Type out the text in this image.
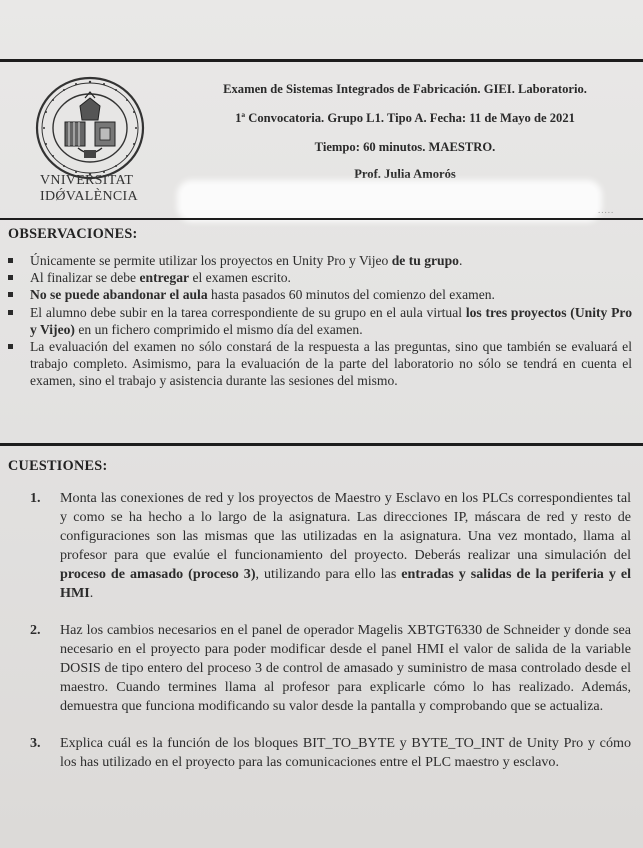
VNIVERSITAT
IDǾVALÈNCIA
Examen de Sistemas Integrados de Fabricación. GIEI. Laboratorio.
1ª Convocatoria. Grupo L1. Tipo A. Fecha: 11 de Mayo de 2021
Tiempo: 60 minutos. MAESTRO.
Prof. Julia Amorós
.....
OBSERVACIONES:
Únicamente se permite utilizar los proyectos en Unity Pro y Vijeo de tu grupo.
Al finalizar se debe entregar el examen escrito.
No se puede abandonar el aula hasta pasados 60 minutos del comienzo del examen.
El alumno debe subir en la tarea correspondiente de su grupo en el aula virtual los tres proyectos (Unity Pro y Vijeo) en un fichero comprimido el mismo día del examen.
La evaluación del examen no sólo constará de la respuesta a las preguntas, sino que también se evaluará el trabajo completo. Asimismo, para la evaluación de la parte del laboratorio no sólo se tendrá en cuenta el examen, sino el trabajo y asistencia durante las sesiones del mismo.
CUESTIONES:
1. Monta las conexiones de red y los proyectos de Maestro y Esclavo en los PLCs correspondientes tal y como se ha hecho a lo largo de la asignatura. Las direcciones IP, máscara de red y resto de configuraciones son las mismas que las utilizadas en la asignatura. Una vez montado, llama al profesor para que evalúe el funcionamiento del proyecto. Deberás realizar una simulación del proceso de amasado (proceso 3), utilizando para ello las entradas y salidas de la periferia y el HMI.
2. Haz los cambios necesarios en el panel de operador Magelis XBTGT6330 de Schneider y donde sea necesario en el proyecto para poder modificar desde el panel HMI el valor de salida de la variable DOSIS de tipo entero del proceso 3 de control de amasado y suministro de masa controlado desde el maestro. Cuando termines llama al profesor para explicarle cómo lo has realizado. Además, demuestra que funciona modificando su valor desde la pantalla y comprobando que se actualiza.
3. Explica cuál es la función de los bloques BIT_TO_BYTE y BYTE_TO_INT de Unity Pro y cómo los has utilizado en el proyecto para las comunicaciones entre el PLC maestro y esclavo.
